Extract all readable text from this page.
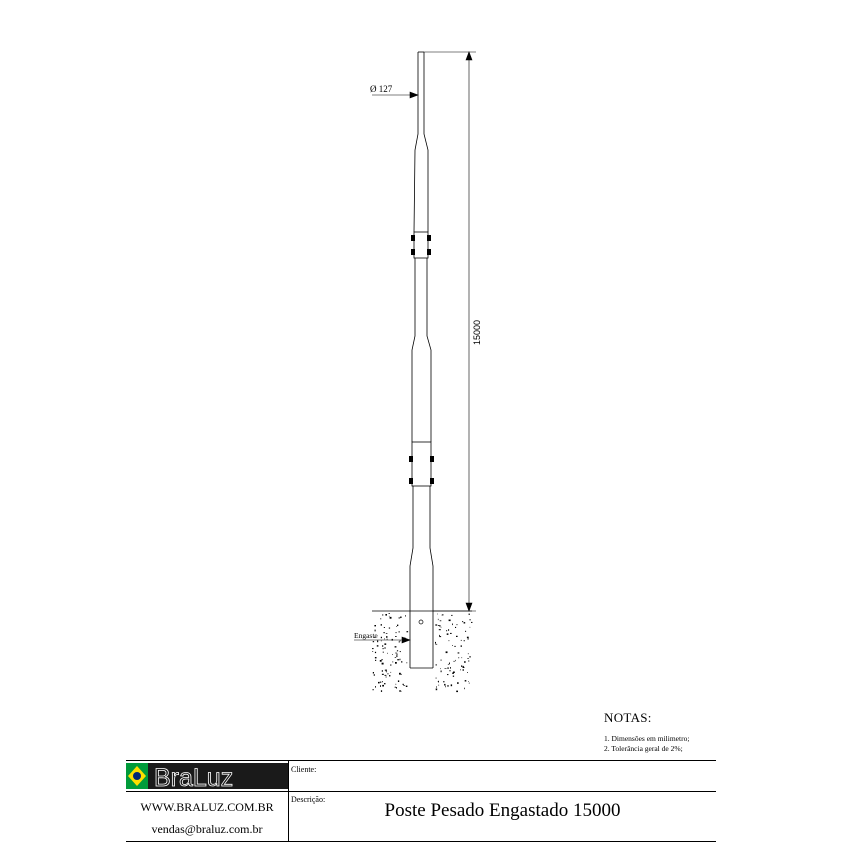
Ø 127
15000
Engaste
NOTAS:
1. Dimensões em milimetro;
2. Tolerância geral de 2%;
BraLuz	Cliente:
Descrição:
WWW.BRALUZ.COM.BR
vendas@braluz.com.br
Poste Pesado Engastado 15000
